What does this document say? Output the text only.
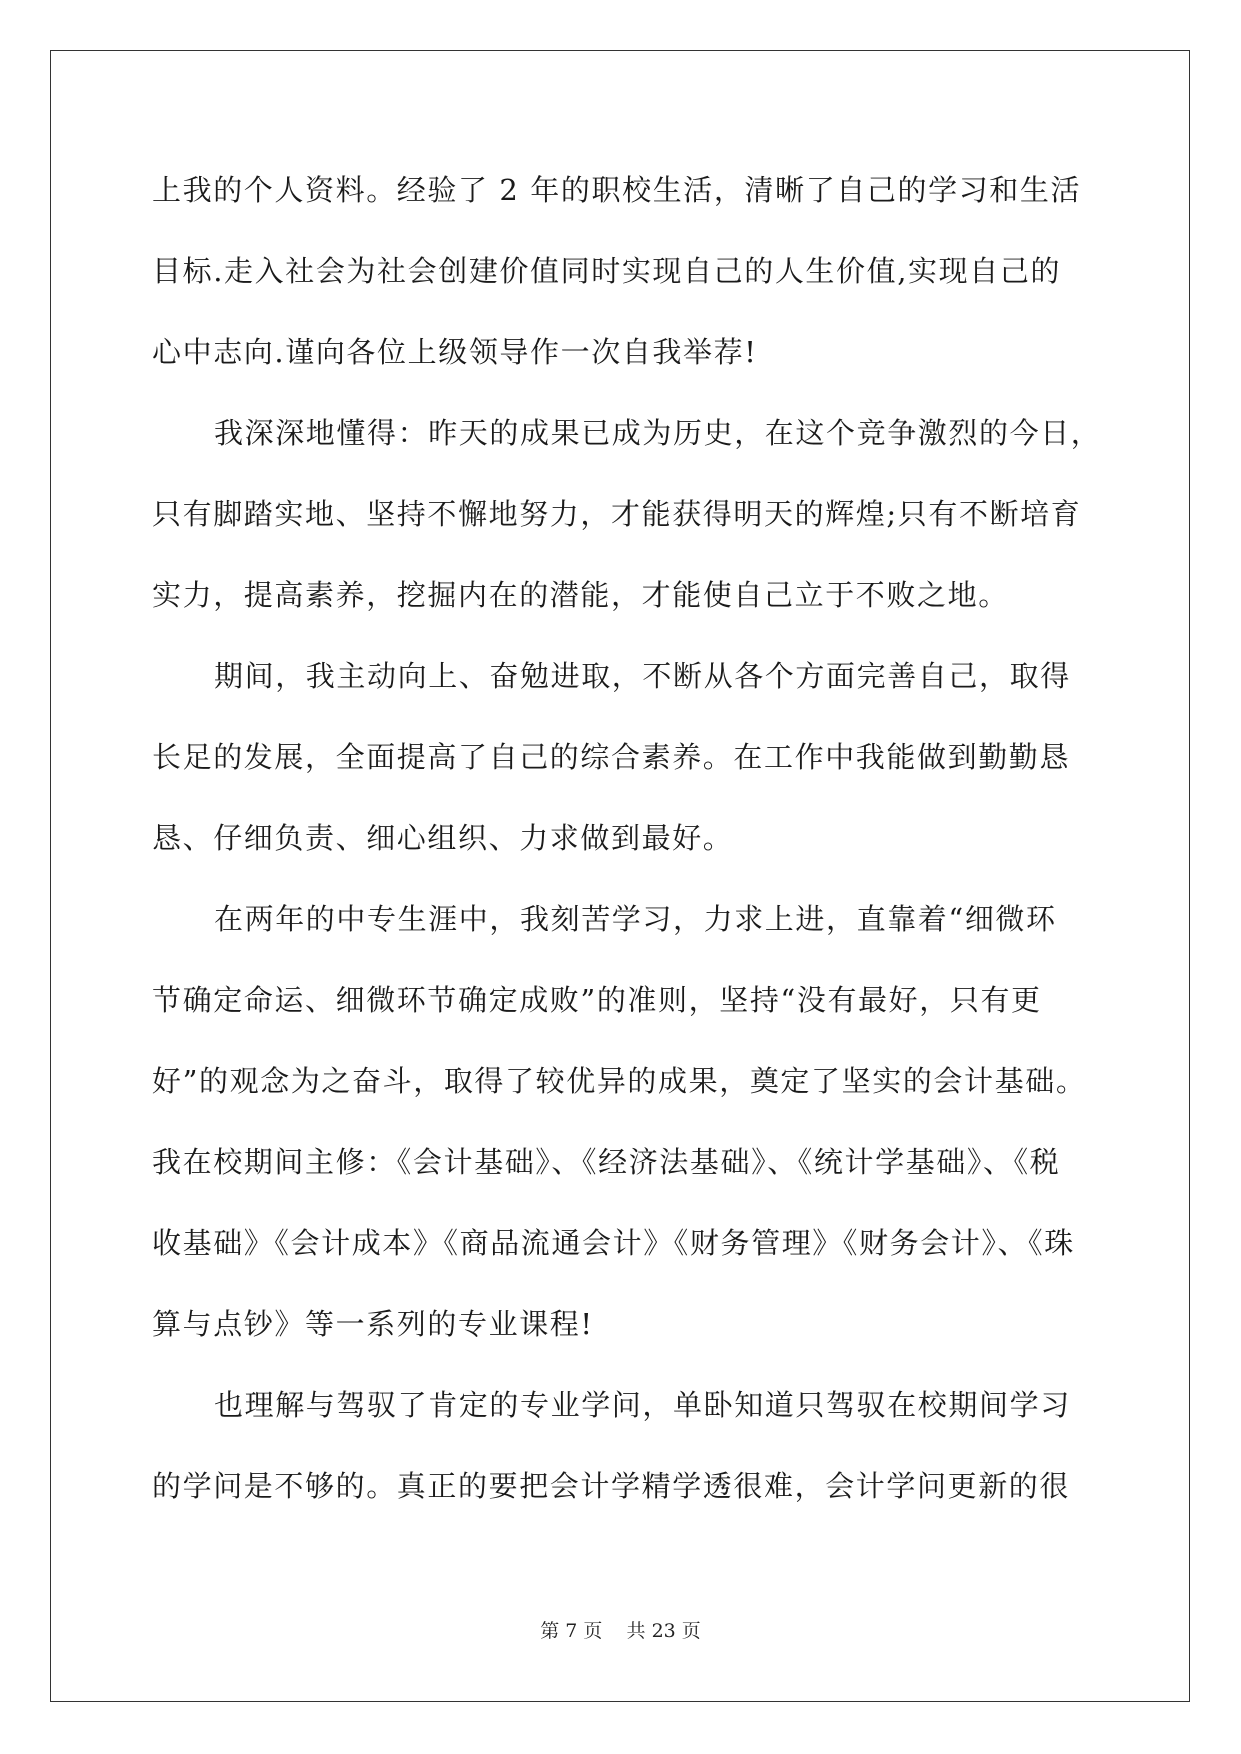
上我的个人资料。经验了 2 年的职校生活，清晰了自己的学习和生活

目标.走入社会为社会创建价值同时实现自己的人生价值,实现自己的

心中志向.谨向各位上级领导作一次自我举荐!

我深深地懂得：昨天的成果已成为历史，在这个竞争激烈的今日，

只有脚踏实地、坚持不懈地努力，才能获得明天的辉煌;只有不断培育

实力，提高素养，挖掘内在的潜能，才能使自己立于不败之地。

期间，我主动向上、奋勉进取，不断从各个方面完善自己，取得

长足的发展，全面提高了自己的综合素养。在工作中我能做到勤勤恳

恳、仔细负责、细心组织、力求做到最好。

在两年的中专生涯中，我刻苦学习，力求上进，直靠着“细微环

节确定命运、细微环节确定成败”的准则，坚持“没有最好，只有更

好”的观念为之奋斗，取得了较优异的成果，奠定了坚实的会计基础。

我在校期间主修：《会计基础》、《经济法基础》、《统计学基础》、《税

收基础》《会计成本》《商品流通会计》《财务管理》《财务会计》、《珠

算与点钞》等一系列的专业课程!

也理解与驾驭了肯定的专业学问，单卧知道只驾驭在校期间学习

的学问是不够的。真正的要把会计学精学透很难，会计学问更新的很

第 7 页 共 23 页
